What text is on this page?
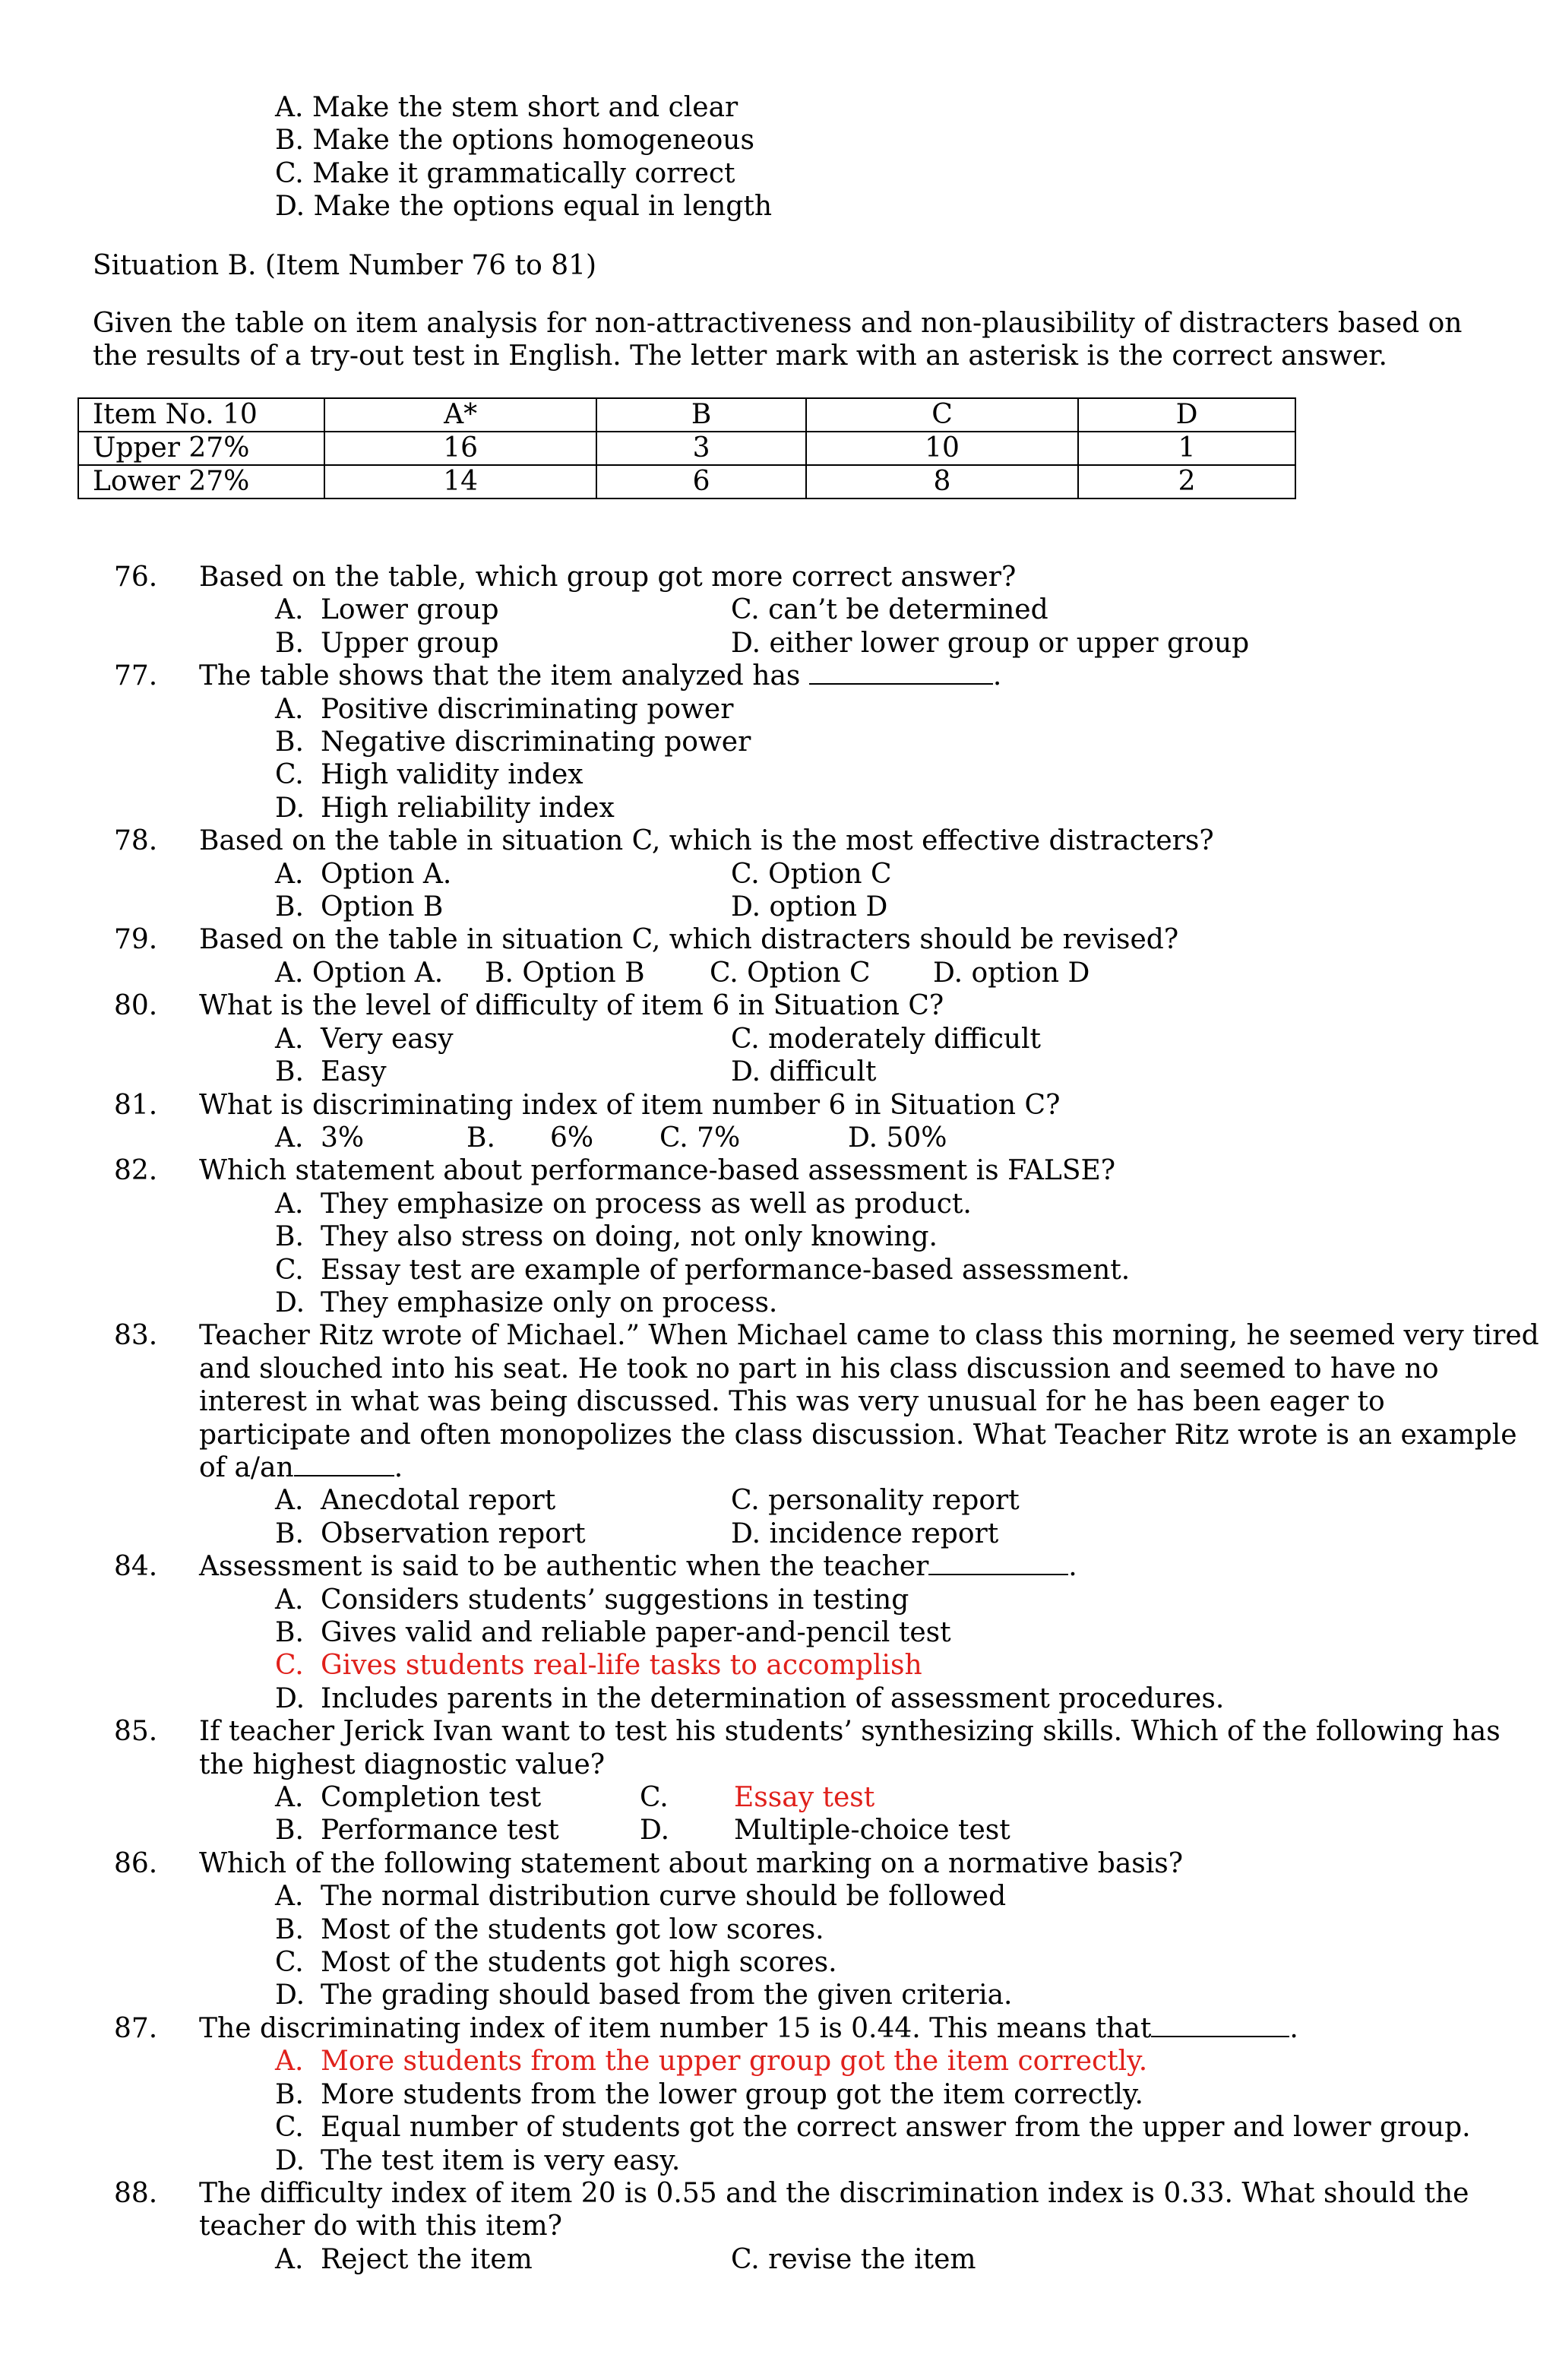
A. Make the stem short and clear
B. Make the options homogeneous
C. Make it grammatically correct
D. Make the options equal in length
Situation B. (Item Number 76 to 81)
Given the table on item analysis for non-attractiveness and non-plausibility of distracters based on
the results of a try-out test in English. The letter mark with an asterisk is the correct answer.
Item No. 10	A*	B	C	D
Upper 27%	16	3	10	1
Lower 27%	14	6	8	2
76. Based on the table, which group got more correct answer?
A. Lower group	C. can’t be determined
B. Upper group	D. either lower group or upper group
77. The table shows that the item analyzed has	.
A. Positive discriminating power
B. Negative discriminating power
C. High validity index
D. High reliability index
78. Based on the table in situation C, which is the most effective distracters?
A. Option A.	C. Option C
B. Option B	D. option D
79. Based on the table in situation C, which distracters should be revised?
A. Option A. B. Option B C. Option C D. option D
80. What is the level of difficulty of item 6 in Situation C?
A. Very easy	C. moderately difficult
B. Easy	D. difficult
81. What is discriminating index of item number 6 in Situation C?
A. 3%	B. 6% C. 7%	D. 50%
82. Which statement about performance-based assessment is FALSE?
A. They emphasize on process as well as product.
B. They also stress on doing, not only knowing.
C. Essay test are example of performance-based assessment.
D. They emphasize only on process.
83. Teacher Ritz wrote of Michael.” When Michael came to class this morning, he seemed very tired
and slouched into his seat. He took no part in his class discussion and seemed to have no
interest in what was being discussed. This was very unusual for he has been eager to
participate and often monopolizes the class discussion. What Teacher Ritz wrote is an example
of a/an	.
A. Anecdotal report	C. personality report
B. Observation report	D. incidence report
84. Assessment is said to be authentic when the teacher	.
A. Considers students’ suggestions in testing
B. Gives valid and reliable paper-and-pencil test
C. Gives students real-life tasks to accomplish
D. Includes parents in the determination of assessment procedures.
85. If teacher Jerick Ivan want to test his students’ synthesizing skills. Which of the following has
the highest diagnostic value?
A. Completion test	C. Essay test
B. Performance test	D. Multiple-choice test
86. Which of the following statement about marking on a normative basis?
A. The normal distribution curve should be followed
B. Most of the students got low scores.
C. Most of the students got high scores.
D. The grading should based from the given criteria.
87. The discriminating index of item number 15 is 0.44. This means that	.
A. More students from the upper group got the item correctly.
B. More students from the lower group got the item correctly.
C. Equal number of students got the correct answer from the upper and lower group.
D. The test item is very easy.
88. The difficulty index of item 20 is 0.55 and the discrimination index is 0.33. What should the
teacher do with this item?
A. Reject the item	C. revise the item
